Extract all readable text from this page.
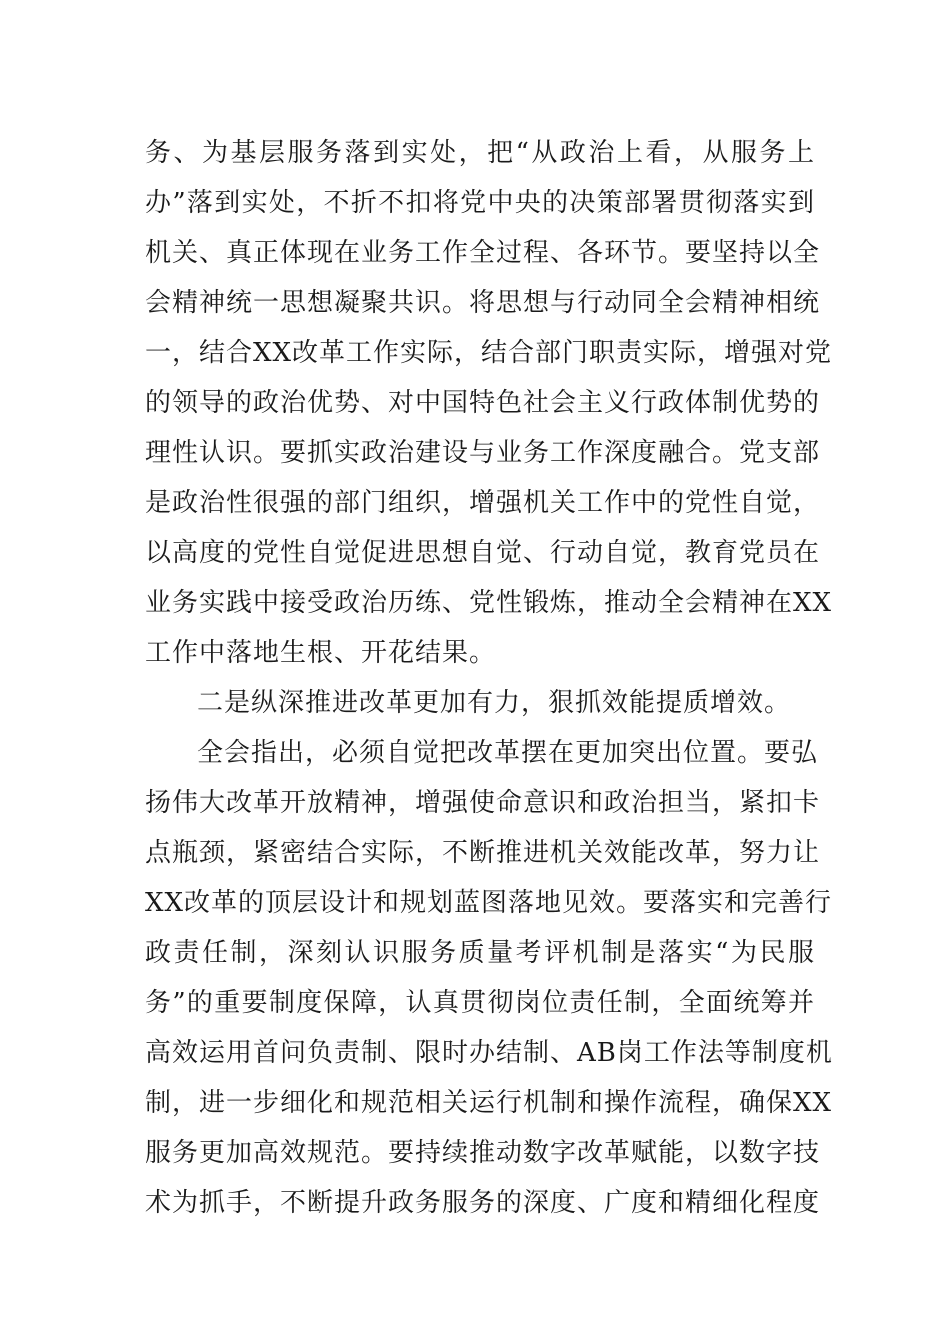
务、为基层服务落到实处，把“从政治上看，从服务上
办”落到实处，不折不扣将党中央的决策部署贯彻落实到
机关、真正体现在业务工作全过程、各环节。要坚持以全
会精神统一思想凝聚共识。将思想与行动同全会精神相统
一，结合XX改革工作实际，结合部门职责实际，增强对党
的领导的政治优势、对中国特色社会主义行政体制优势的
理性认识。要抓实政治建设与业务工作深度融合。党支部
是政治性很强的部门组织，增强机关工作中的党性自觉，
以高度的党性自觉促进思想自觉、行动自觉，教育党员在
业务实践中接受政治历练、党性锻炼，推动全会精神在XX
工作中落地生根、开花结果。
二是纵深推进改革更加有力，狠抓效能提质增效。
全会指出，必须自觉把改革摆在更加突出位置。要弘
扬伟大改革开放精神，增强使命意识和政治担当，紧扣卡
点瓶颈，紧密结合实际，不断推进机关效能改革，努力让
XX改革的顶层设计和规划蓝图落地见效。要落实和完善行
政责任制，深刻认识服务质量考评机制是落实“为民服
务”的重要制度保障，认真贯彻岗位责任制，全面统筹并
高效运用首问负责制、限时办结制、AB岗工作法等制度机
制，进一步细化和规范相关运行机制和操作流程，确保XX
服务更加高效规范。要持续推动数字改革赋能，以数字技
术为抓手，不断提升政务服务的深度、广度和精细化程度
